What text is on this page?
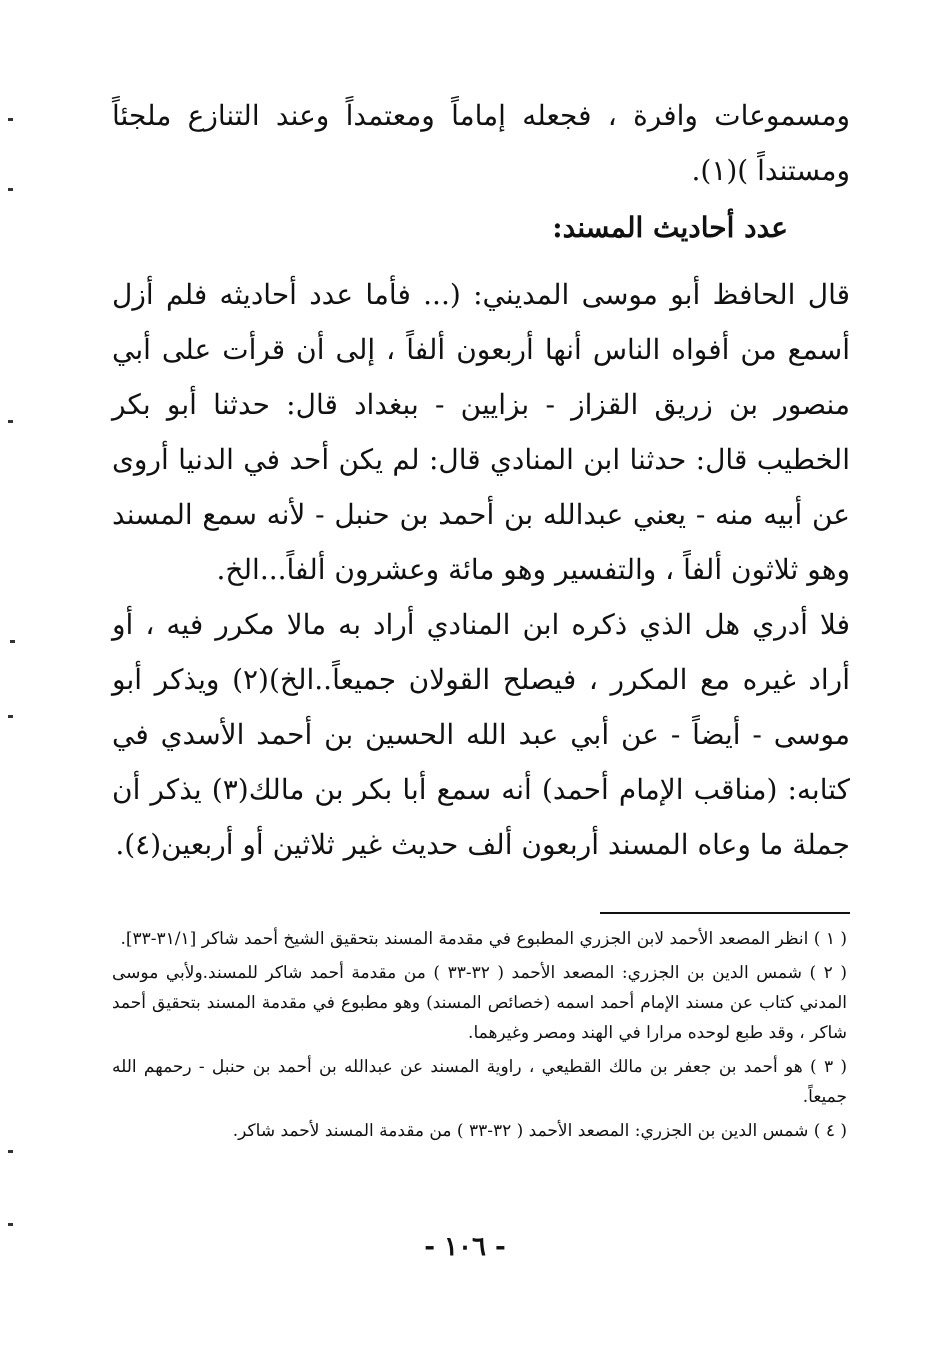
ومسموعات وافرة ، فجعله إماماً ومعتمداً وعند التنازع ملجئاً ومستنداً )(١).

عدد أحاديث المسند:

قال الحافظ أبو موسى المديني: (... فأما عدد أحاديثه فلم أزل أسمع من أفواه الناس أنها أربعون ألفاً ، إلى أن قرأت على أبي منصور بن زريق القزاز - بزايين - ببغداد قال: حدثنا أبو بكر الخطيب قال: حدثنا ابن المنادي قال: لم يكن أحد في الدنيا أروى عن أبيه منه - يعني عبدالله بن أحمد بن حنبل - لأنه سمع المسند وهو ثلاثون ألفاً ، والتفسير وهو مائة وعشرون ألفاً...الخ.

فلا أدري هل الذي ذكره ابن المنادي أراد به مالا مكرر فيه ، أو أراد غيره مع المكرر ، فيصلح القولان جميعاً..الخ)(٢) ويذكر أبو موسى - أيضاً - عن أبي عبد الله الحسين بن أحمد الأسدي في كتابه: (مناقب الإمام أحمد) أنه سمع أبا بكر بن مالك(٣) يذكر أن جملة ما وعاه المسند أربعون ألف حديث غير ثلاثين أو أربعين(٤).

( ١ ) انظر المصعد الأحمد لابن الجزري المطبوع في مقدمة المسند بتحقيق الشيخ أحمد شاكر [٣١/١-٣٣].

( ٢ ) شمس الدين بن الجزري: المصعد الأحمد ( ٣٢-٣٣ ) من مقدمة أحمد شاكر للمسند.ولأبي موسى المدني كتاب عن مسند الإمام أحمد اسمه (خصائص المسند) وهو مطبوع في مقدمة المسند بتحقيق أحمد شاكر ، وقد طبع لوحده مرارا في الهند ومصر وغيرهما.

( ٣ ) هو أحمد بن جعفر بن مالك القطيعي ، راوية المسند عن عبدالله بن أحمد بن حنبل - رحمهم الله جميعاً.

( ٤ ) شمس الدين بن الجزري: المصعد الأحمد ( ٣٢-٣٣ ) من مقدمة المسند لأحمد شاكر.

- ١٠٦ -
